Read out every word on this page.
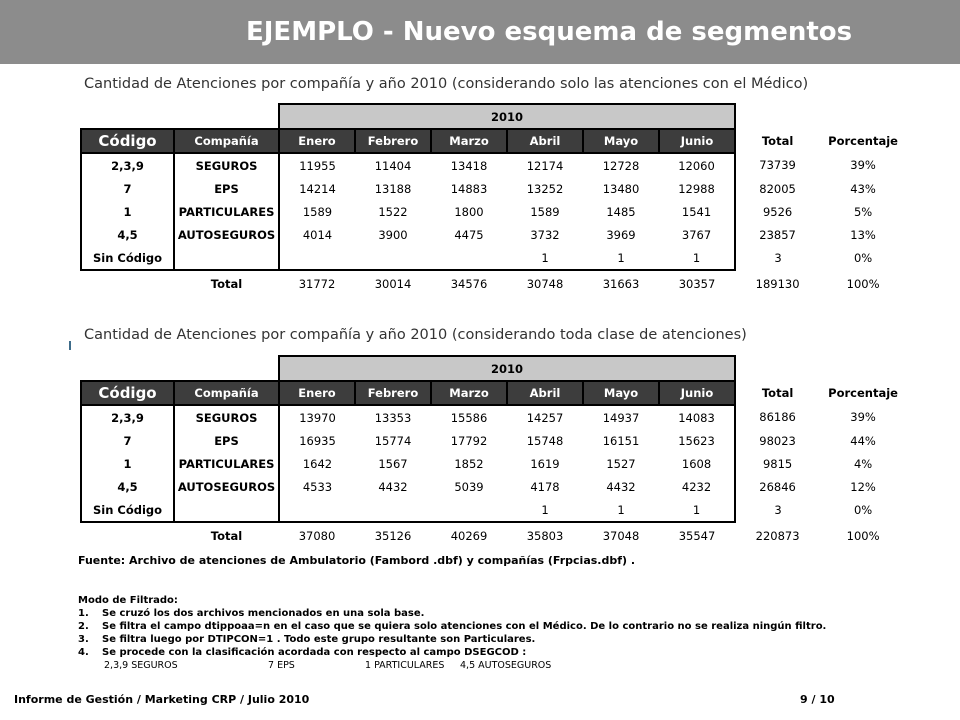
EJEMPLO - Nuevo esquema de segmentos
Cantidad de Atenciones por compañía y año 2010 (considerando solo las atenciones con el Médico)
		2010							
Código	Compañía	Enero	Febrero	Marzo	Abril	Mayo	Junio	Total	Porcentaje
2,3,9	SEGUROS	11955	11404	13418	12174	12728	12060	73739	39%
7	EPS	14214	13188	14883	13252	13480	12988	82005	43%
1	PARTICULARES	1589	1522	1800	1589	1485	1541	9526	5%
4,5	AUTOSEGUROS	4014	3900	4475	3732	3969	3767	23857	13%
Sin Código					1	1	1	3	0%
	Total	31772	30014	34576	30748	31663	30357	189130	100%
Cantidad de Atenciones por compañía y año 2010 (considerando toda clase de atenciones)
		2010							
Código	Compañía	Enero	Febrero	Marzo	Abril	Mayo	Junio	Total	Porcentaje
2,3,9	SEGUROS	13970	13353	15586	14257	14937	14083	86186	39%
7	EPS	16935	15774	17792	15748	16151	15623	98023	44%
1	PARTICULARES	1642	1567	1852	1619	1527	1608	9815	4%
4,5	AUTOSEGUROS	4533	4432	5039	4178	4432	4232	26846	12%
Sin Código					1	1	1	3	0%
	Total	37080	35126	40269	35803	37048	35547	220873	100%
Fuente: Archivo de atenciones de Ambulatorio (Fambord .dbf) y compañías (Frpcias.dbf) .
Modo de Filtrado:
1. Se cruzó los dos archivos mencionados en una sola base.
2. Se filtra el campo dtippoaa=n en el caso que se quiera solo atenciones con el Médico. De lo contrario no se realiza ningún filtro.
3. Se filtra luego por DTIPCON=1 . Todo este grupo resultante son Particulares.
4. Se procede con la clasificación acordada con respecto al campo DSEGCOD :
2,3,9 SEGUROS	7 EPS	1 PARTICULARES 4,5 AUTOSEGUROS
Informe de Gestión / Marketing CRP / Julio 2010	9 / 10
